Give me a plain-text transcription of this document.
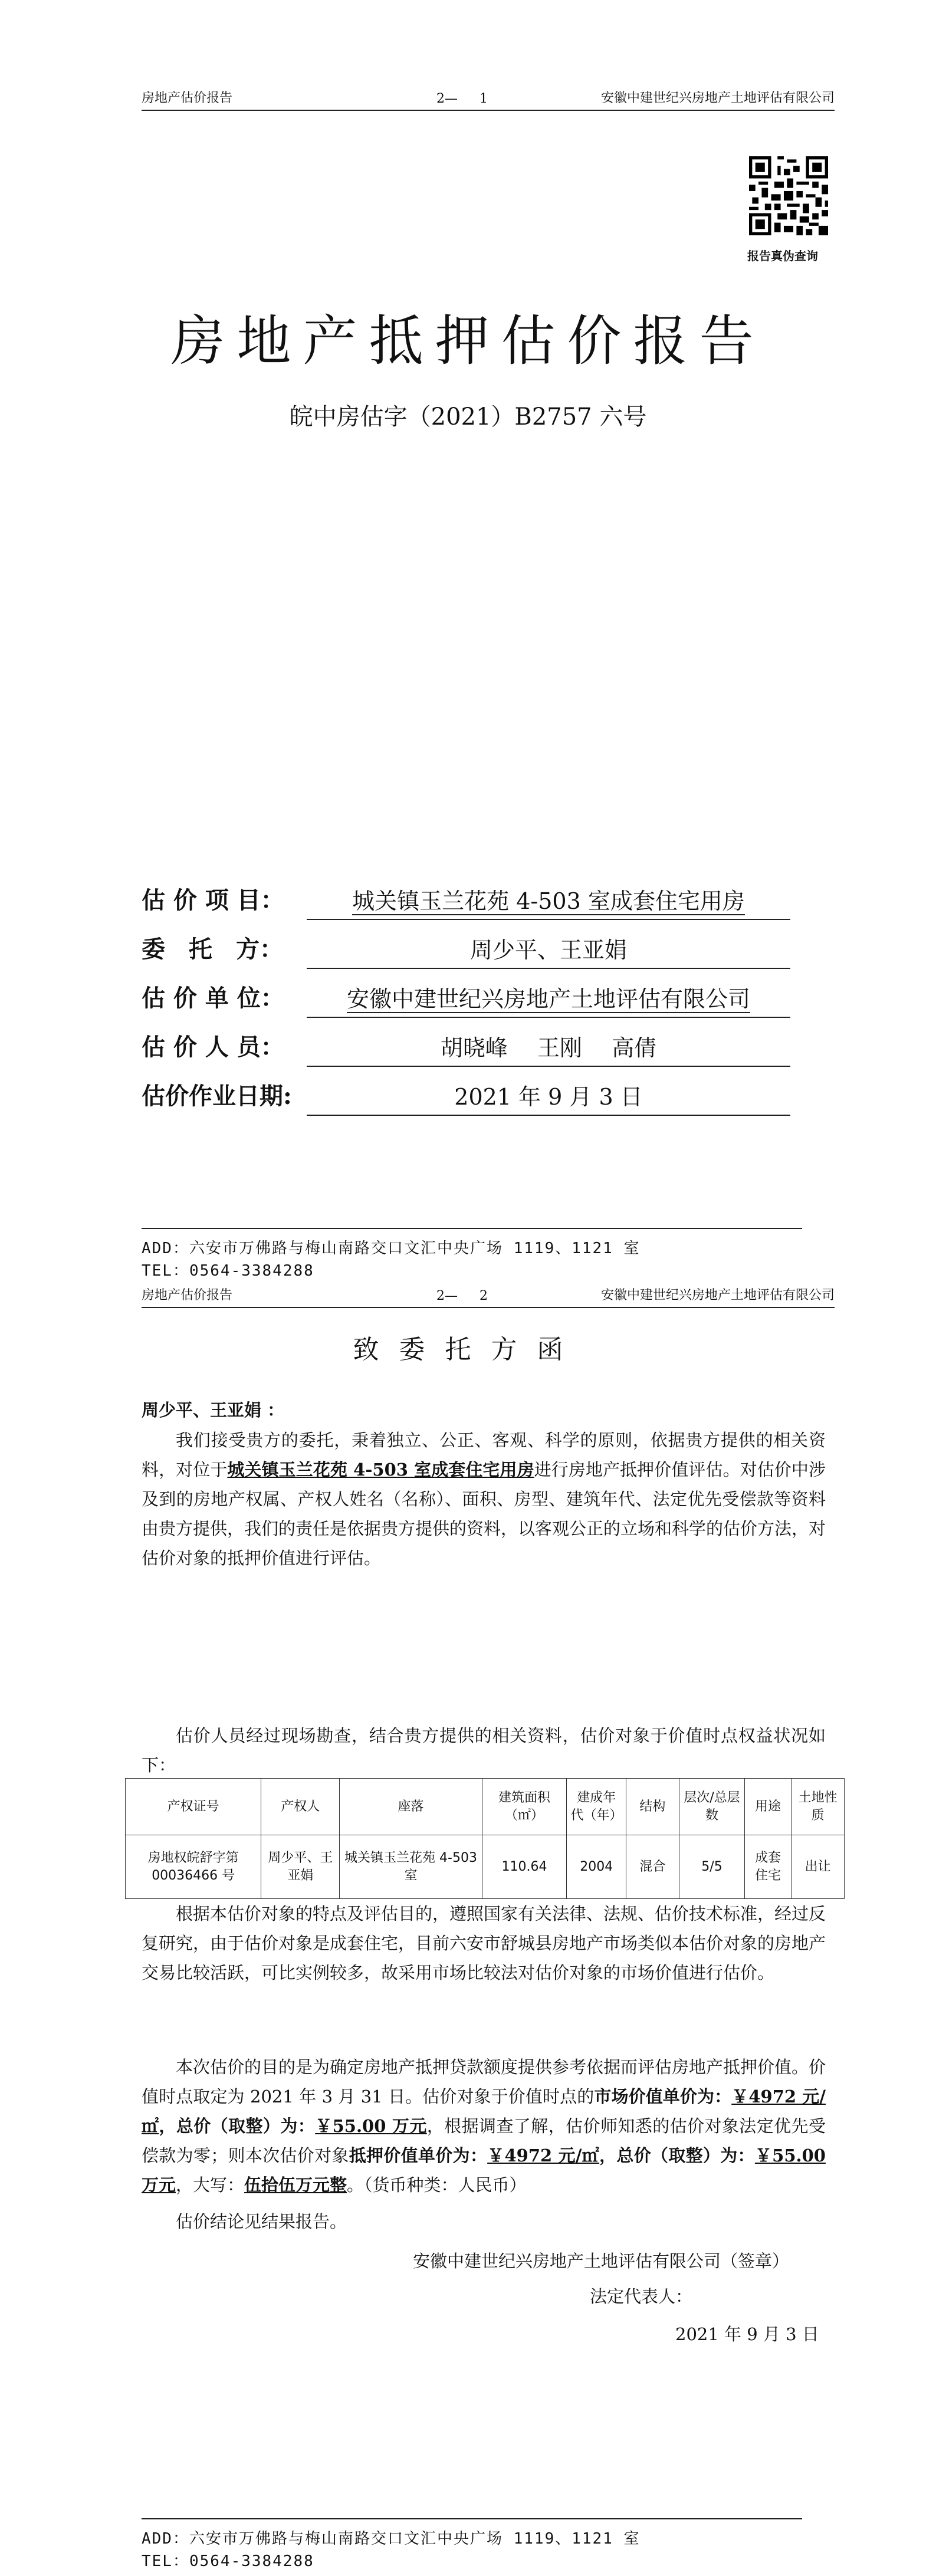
房地产估价报告	2— 1	安徽中建世纪兴房地产土地评估有限公司
报告真伪查询
房地产抵押估价报告
皖中房估字（2021）B2757 六号
估 价 项 目：	城关镇玉兰花苑 4-503 室成套住宅用房
委　托　方：	周少平、王亚娟
估 价 单 位：	安徽中建世纪兴房地产土地评估有限公司
估 价 人 员：	胡晓峰　 王刚　 高倩
估价作业日期:	2021 年 9 月 3 日
ADD：六安市万佛路与梅山南路交口文汇中央广场 1119、1121 室
TEL：0564-3384288
房地产估价报告	2— 2	安徽中建世纪兴房地产土地评估有限公司
致委托方函
周少平、王亚娟 ：
我们接受贵方的委托，秉着独立、公正、客观、科学的原则，依据贵方提供的相关资料，对位于城关镇玉兰花苑 4-503 室成套住宅用房进行房地产抵押价值评估。对估价中涉及到的房地产权属、产权人姓名（名称）、面积、房型、建筑年代、法定优先受偿款等资料由贵方提供，我们的责任是依据贵方提供的资料，以客观公正的立场和科学的估价方法，对估价对象的抵押价值进行评估。
估价人员经过现场勘查，结合贵方提供的相关资料，估价对象于价值时点权益状况如下：
产权证号	产权人	座落	建筑面积（㎡）	建成年代（年）	结构	层次/总层数	用途	土地性质
房地权皖舒字第 00036466 号	周少平、王亚娟	城关镇玉兰花苑 4-503 室	110.64	2004	混合	5/5	成套住宅	出让
根据本估价对象的特点及评估目的，遵照国家有关法律、法规、估价技术标准，经过反复研究，由于估价对象是成套住宅，目前六安市舒城县房地产市场类似本估价对象的房地产交易比较活跃，可比实例较多，故采用市场比较法对估价对象的市场价值进行估价。
本次估价的目的是为确定房地产抵押贷款额度提供参考依据而评估房地产抵押价值。价值时点取定为 2021 年 3 月 31 日。估价对象于价值时点的市场价值单价为：￥4972 元/㎡，总价（取整）为：￥55.00 万元，根据调查了解，估价师知悉的估价对象法定优先受偿款为零；则本次估价对象抵押价值单价为：￥4972 元/㎡，总价（取整）为：￥55.00 万元，大写：伍拾伍万元整。（货币种类：人民币）
估价结论见结果报告。
安徽中建世纪兴房地产土地评估有限公司（签章）
法定代表人：
2021 年 9 月 3 日
ADD：六安市万佛路与梅山南路交口文汇中央广场 1119、1121 室
TEL：0564-3384288
